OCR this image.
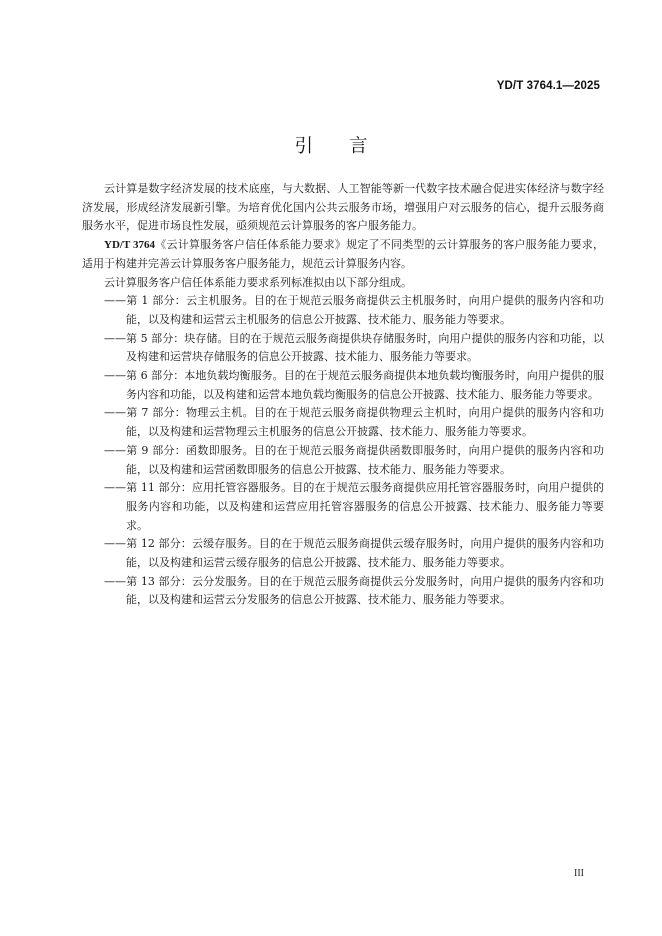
YD/T 3764.1—2025
引 言

云计算是数字经济发展的技术底座，与大数据、人工智能等新一代数字技术融合促进实体经济与数字经济发展，形成经济发展新引擎。为培育优化国内公共云服务市场，增强用户对云服务的信心，提升云服务商服务水平，促进市场良性发展，亟须规范云计算服务的客户服务能力。

YD/T 3764《云计算服务客户信任体系能力要求》规定了不同类型的云计算服务的客户服务能力要求，适用于构建并完善云计算服务客户服务能力，规范云计算服务内容。

云计算服务客户信任体系能力要求系列标准拟由以下部分组成。

——第 1 部分：云主机服务。目的在于规范云服务商提供云主机服务时，向用户提供的服务内容和功能，以及构建和运营云主机服务的信息公开披露、技术能力、服务能力等要求。

——第 5 部分：块存储。目的在于规范云服务商提供块存储服务时，向用户提供的服务内容和功能，以及构建和运营块存储服务的信息公开披露、技术能力、服务能力等要求。

——第 6 部分：本地负载均衡服务。目的在于规范云服务商提供本地负载均衡服务时，向用户提供的服务内容和功能，以及构建和运营本地负载均衡服务的信息公开披露、技术能力、服务能力等要求。

——第 7 部分：物理云主机。目的在于规范云服务商提供物理云主机时，向用户提供的服务内容和功能，以及构建和运营物理云主机服务的信息公开披露、技术能力、服务能力等要求。

——第 9 部分：函数即服务。目的在于规范云服务商提供函数即服务时，向用户提供的服务内容和功能，以及构建和运营函数即服务的信息公开披露、技术能力、服务能力等要求。

——第 11 部分：应用托管容器服务。目的在于规范云服务商提供应用托管容器服务时，向用户提供的服务内容和功能，以及构建和运营应用托管容器服务的信息公开披露、技术能力、服务能力等要求。

——第 12 部分：云缓存服务。目的在于规范云服务商提供云缓存服务时，向用户提供的服务内容和功能，以及构建和运营云缓存服务的信息公开披露、技术能力、服务能力等要求。

——第 13 部分：云分发服务。目的在于规范云服务商提供云分发服务时，向用户提供的服务内容和功能，以及构建和运营云分发服务的信息公开披露、技术能力、服务能力等要求。

III
